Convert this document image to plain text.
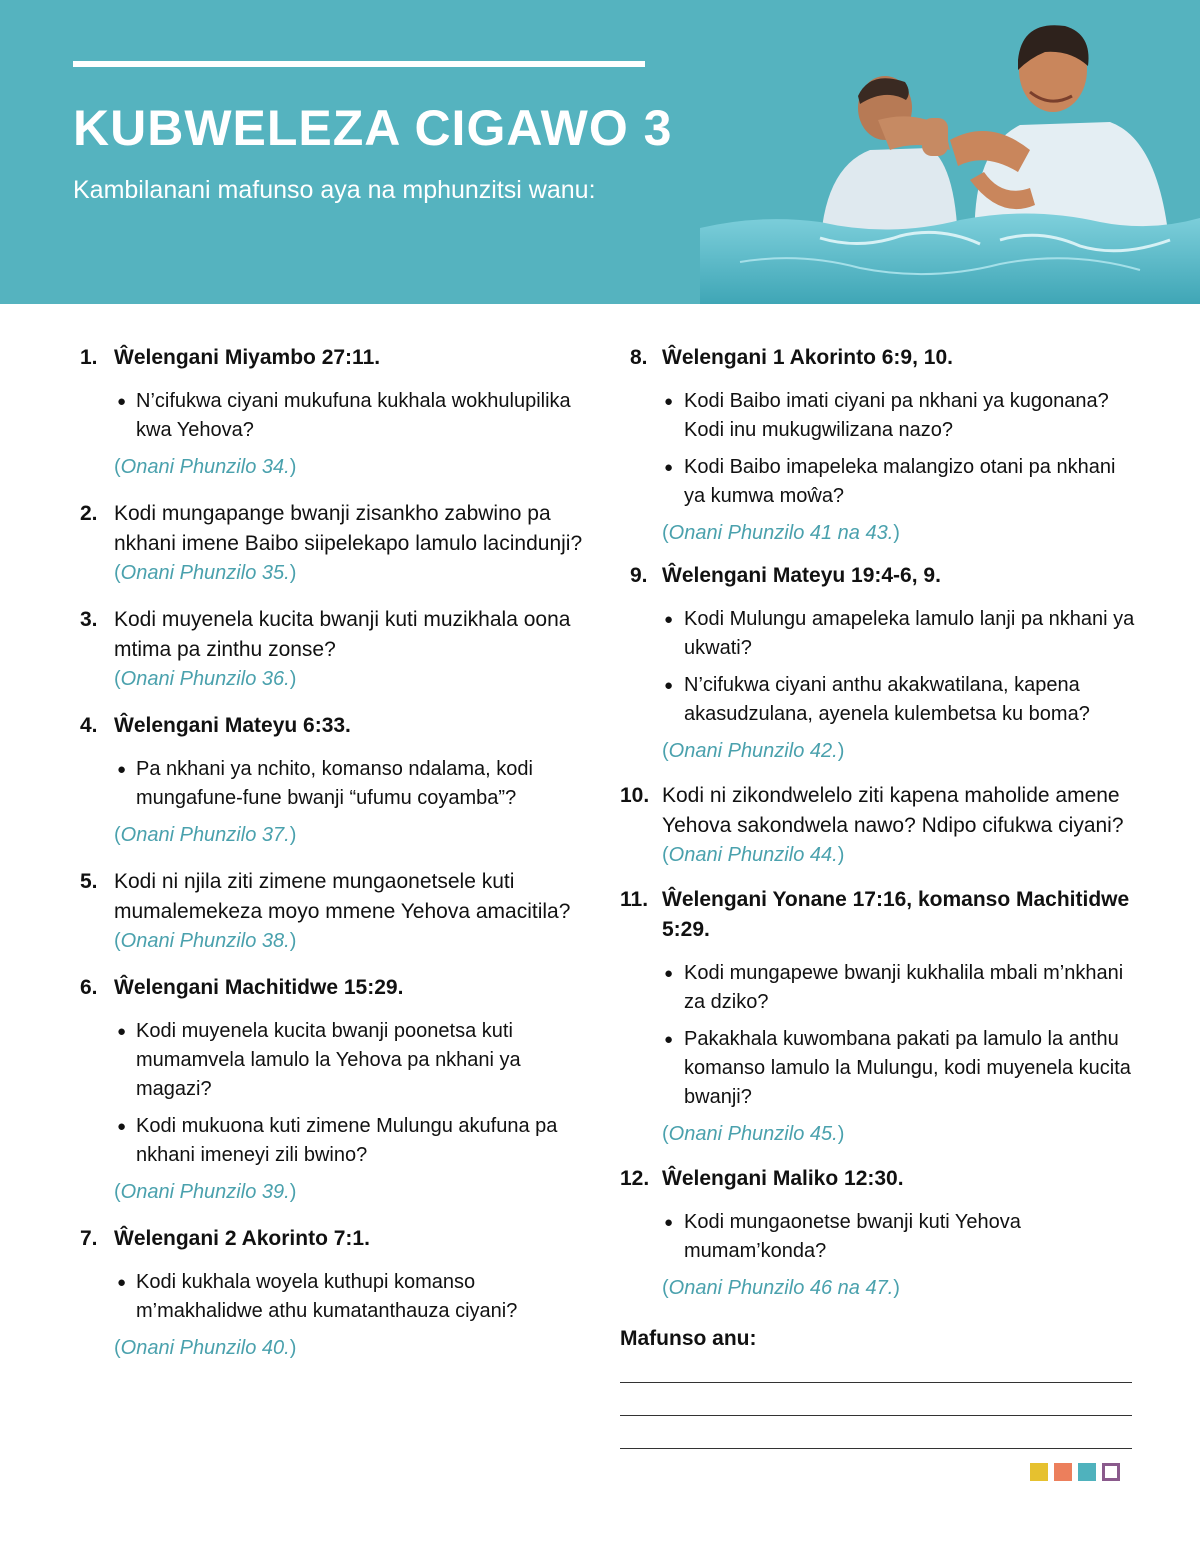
KUBWELEZA CIGAWO 3
Kambilanani mafunso aya na mphunzitsi wanu:

1. Ŵelengani Miyambo 27:11.

● N’cifukwa ciyani mukufuna kukhala wokhulupilika kwa Yehova?
(Onani Phunzilo 34.)

2. Kodi mungapange bwanji zisankho zabwino pa nkhani imene Baibo siipelekapo lamulo lacindunji?

(Onani Phunzilo 35.)

3. Kodi muyenela kucita bwanji kuti muzikhala oona mtima pa zinthu zonse?

(Onani Phunzilo 36.)

4. Ŵelengani Mateyu 6:33.

● Pa nkhani ya nchito, komanso ndalama, kodi mungafune-fune bwanji “ufumu coyamba”?
(Onani Phunzilo 37.)

5. Kodi ni njila ziti zimene mungaonetsele kuti mumalemekeza moyo mmene Yehova amacitila?

(Onani Phunzilo 38.)

6. Ŵelengani Machitidwe 15:29.

● Kodi muyenela kucita bwanji poonetsa kuti mumamvela lamulo la Yehova pa nkhani ya magazi?
● Kodi mukuona kuti zimene Mulungu akufuna pa nkhani imeneyi zili bwino?
(Onani Phunzilo 39.)

7. Ŵelengani 2 Akorinto 7:1.

● Kodi kukhala woyela kuthupi komanso m’makhalidwe athu kumatanthauza ciyani?
(Onani Phunzilo 40.)

8. Ŵelengani 1 Akorinto 6:9, 10.

● Kodi Baibo imati ciyani pa nkhani ya kugonana? Kodi inu mukugwilizana nazo?
● Kodi Baibo imapeleka malangizo otani pa nkhani ya kumwa moŵa?
(Onani Phunzilo 41 na 43.)

9. Ŵelengani Mateyu 19:4-6, 9.

● Kodi Mulungu amapeleka lamulo lanji pa nkhani ya ukwati?
● N’cifukwa ciyani anthu akakwatilana, kapena akasudzulana, ayenela kulembetsa ku boma?
(Onani Phunzilo 42.)

10. Kodi ni zikondwelelo ziti kapena maholide amene Yehova sakondwela nawo? Ndipo cifukwa ciyani?

(Onani Phunzilo 44.)

11. Ŵelengani Yonane 17:16, komanso Machitidwe 5:29.

● Kodi mungapewe bwanji kukhalila mbali m’nkhani za dziko?
● Pakakhala kuwombana pakati pa lamulo la anthu komanso lamulo la Mulungu, kodi muyenela kucita bwanji?
(Onani Phunzilo 45.)

12. Ŵelengani Maliko 12:30.

● Kodi mungaonetse bwanji kuti Yehova mumam’konda?
(Onani Phunzilo 46 na 47.)

Mafunso anu:
